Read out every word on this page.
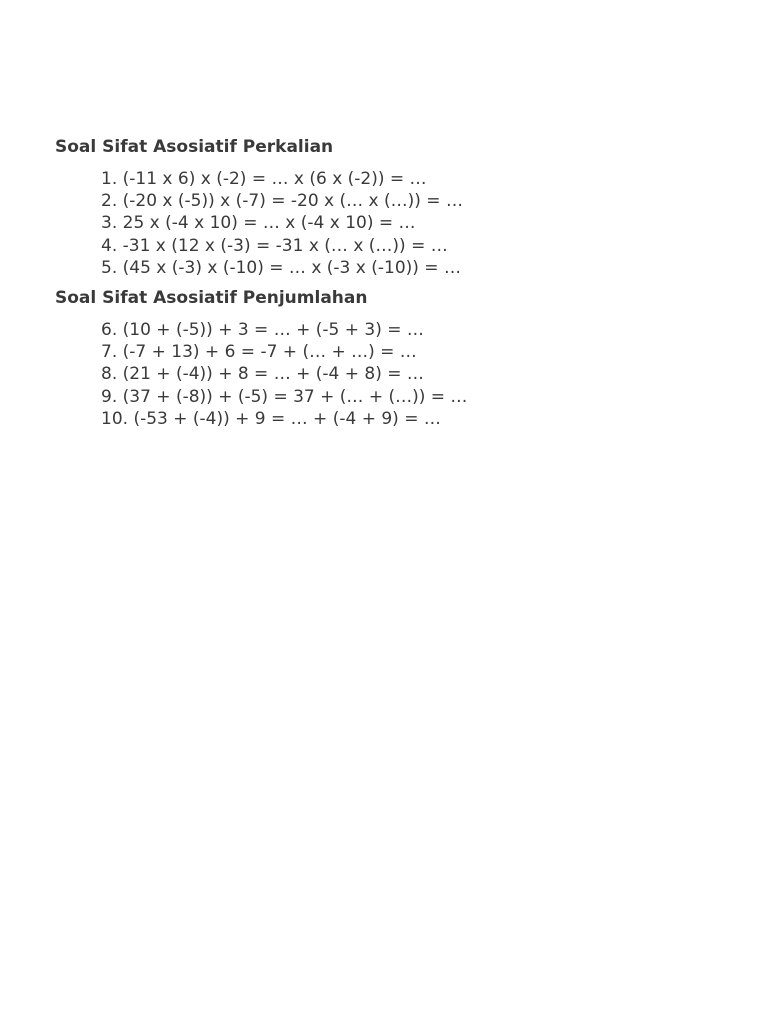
Soal Sifat Asosiatif Perkalian
1. (-11 x 6) x (-2) = … x (6 x (-2)) = …
2. (-20 x (-5)) x (-7) = -20 x (… x (…)) = …
3. 25 x (-4 x 10) = … x (-4 x 10) = …
4. -31 x (12 x (-3) = -31 x (… x (…)) = …
5. (45 x (-3) x (-10) = … x (-3 x (-10)) = …
Soal Sifat Asosiatif Penjumlahan
6. (10 + (-5)) + 3 = … + (-5 + 3) = …
7. (-7 + 13) + 6 = -7 + (… + …) = …
8. (21 + (-4)) + 8 = … + (-4 + 8) = …
9. (37 + (-8)) + (-5) = 37 + (… + (…)) = …
10. (-53 + (-4)) + 9 = … + (-4 + 9) = …
